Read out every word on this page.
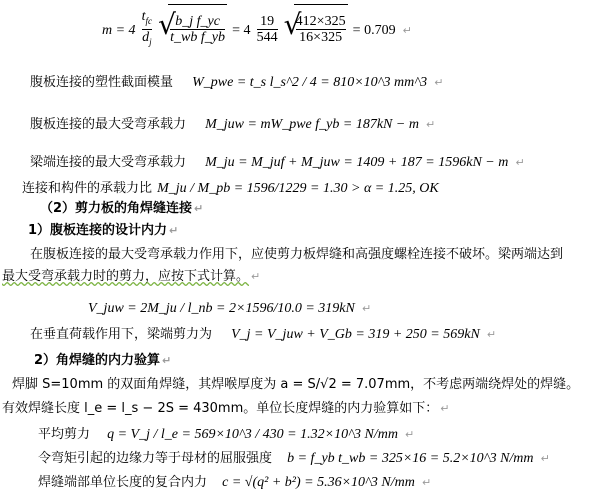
$m = 4 \frac{t_{fc}}{d_j}$
√
$\frac{\text{b\_j f\_yc}}{\text{t\_wb f\_yb}} = 4 \frac{19}{544}$
√
$\frac{412\times 325}{16\times 325} = 0.709$ ↵
腹板连接的塑性截面模量 W_pwe = t_s l_s^2 / 4 = 810×10^3 mm^3 ↵
腹板连接的最大受弯承载力 M_juw = mW_pwe f_yb = 187kN − m ↵
梁端连接的最大受弯承载力 M_ju = M_juf + M_juw = 1409 + 187 = 1596kN − m ↵
连接和构件的承载力比 M_ju / M_pb = 1596/1229 = 1.30 > α = 1.25, OK
（2）剪力板的角焊缝连接 ↵
1）腹板连接的设计内力 ↵
在腹板连接的最大受弯承载力作用下，应使剪力板焊缝和高强度螺栓连接不破坏。梁两端达到
最大受弯承载力时的剪力，应按下式计算。 ↵
V_juw = 2M_ju / l_nb = 2×1596/10.0 = 319kN ↵
在垂直荷载作用下，梁端剪力为 V_j = V_juw + V_Gb = 319 + 250 = 569kN ↵
2）角焊缝的内力验算 ↵
焊脚 S=10mm 的双面角焊缝，其焊喉厚度为 a = S/√2 = 7.07mm，不考虑两端绕焊处的焊缝。
有效焊缝长度 l_e = l_s − 2S = 430mm。单位长度焊缝的内力验算如下： ↵
平均剪力 q = V_j / l_e = 569×10^3 / 430 = 1.32×10^3 N/mm ↵
令弯矩引起的边缘力等于母材的屈服强度 b = f_yb t_wb = 325×16 = 5.2×10^3 N/mm ↵
焊缝端部单位长度的复合内力 c = √(q² + b²) = 5.36×10^3 N/mm ↵
